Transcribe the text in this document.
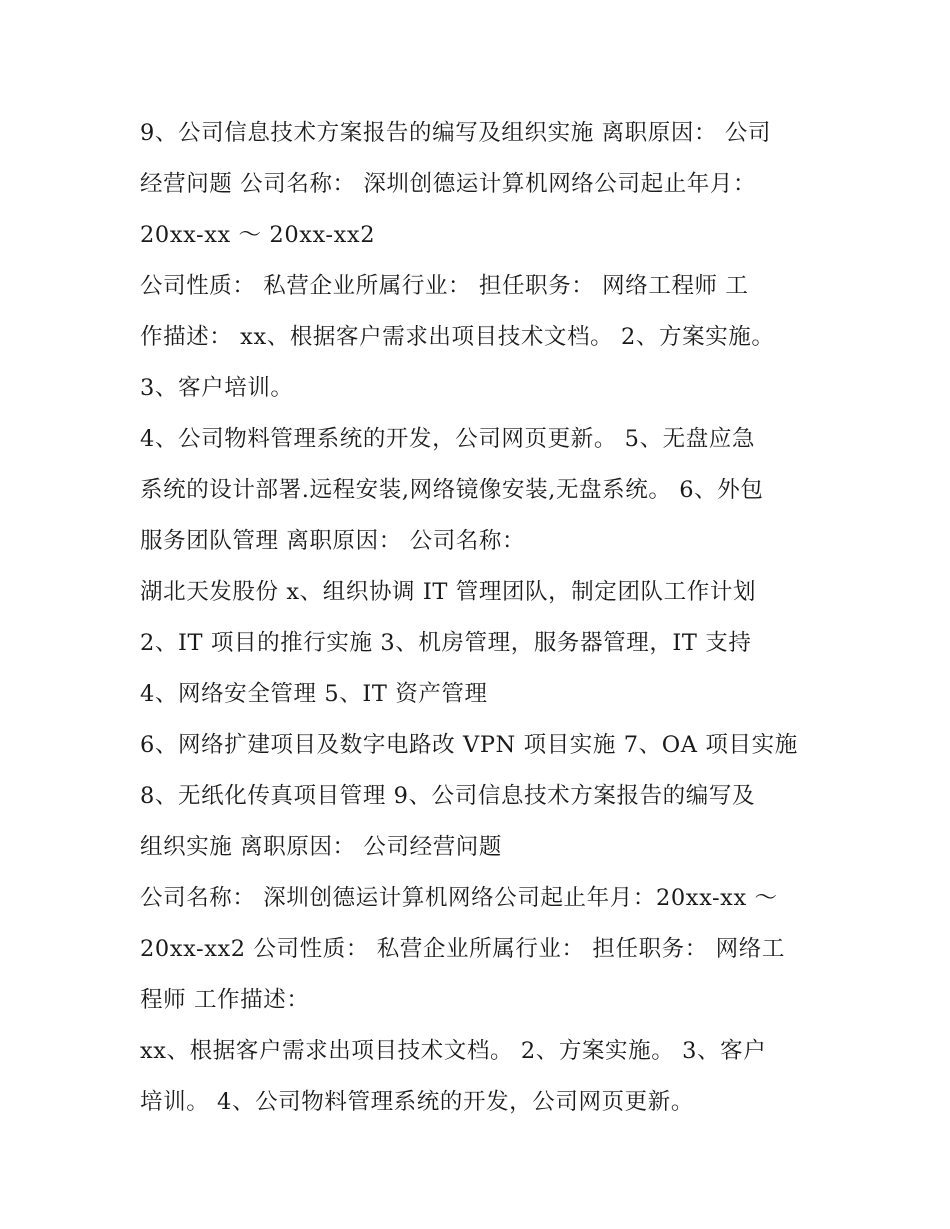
9、公司信息技术方案报告的编写及组织实施 离职原因： 公司
经营问题 公司名称： 深圳创德运计算机网络公司起止年月：
20xx-xx ～ 20xx-xx2
公司性质： 私营企业所属行业： 担任职务： 网络工程师 工
作描述： xx、根据客户需求出项目技术文档。 2、方案实施。
3、客户培训。
4、公司物料管理系统的开发，公司网页更新。 5、无盘应急
系统的设计部署.远程安装,网络镜像安装,无盘系统。 6、外包
服务团队管理 离职原因： 公司名称：
湖北天发股份 x、组织协调 IT 管理团队，制定团队工作计划
2、IT 项目的推行实施 3、机房管理，服务器管理，IT 支持
4、网络安全管理 5、IT 资产管理
6、网络扩建项目及数字电路改 VPN 项目实施 7、OA 项目实施
8、无纸化传真项目管理 9、公司信息技术方案报告的编写及
组织实施 离职原因： 公司经营问题
公司名称： 深圳创德运计算机网络公司起止年月：20xx-xx ～
20xx-xx2 公司性质： 私营企业所属行业： 担任职务： 网络工
程师 工作描述：
xx、根据客户需求出项目技术文档。 2、方案实施。 3、客户
培训。 4、公司物料管理系统的开发，公司网页更新。
